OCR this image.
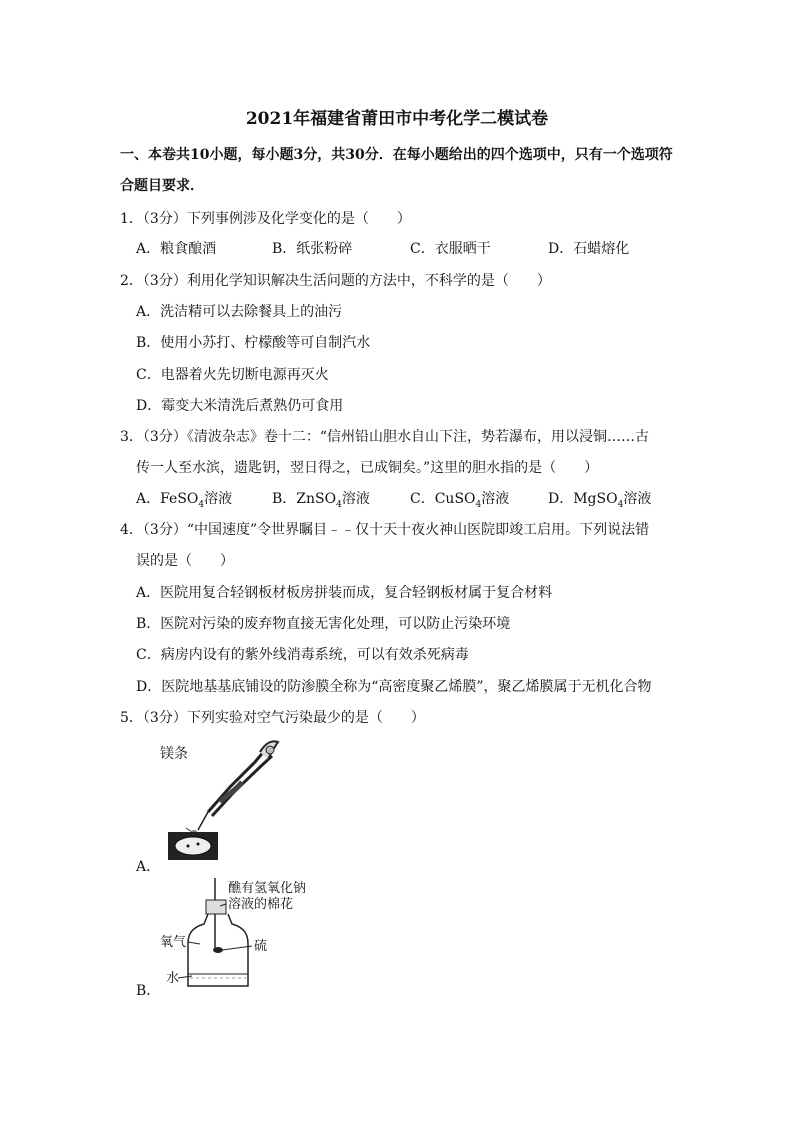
2021年福建省莆田市中考化学二模试卷
一、本卷共10小题，每小题3分，共30分．在每小题给出的四个选项中，只有一个选项符合题目要求．
1．（3分）下列事例涉及化学变化的是（　　）
A．粮食酿酒	B．纸张粉碎	C．衣服晒干	D．石蜡熔化
2．（3分）利用化学知识解决生活问题的方法中，不科学的是（　　）
A．洗洁精可以去除餐具上的油污
B．使用小苏打、柠檬酸等可自制汽水
C．电器着火先切断电源再灭火
D．霉变大米清洗后煮熟仍可食用
3．（3分）《清波杂志》卷十二：“信州铅山胆水自山下注，势若瀑布，用以浸铜……古
传一人至水滨，遗匙钥，翌日得之，已成铜矣。”这里的胆水指的是（　　）
A．FeSO$_4$溶液	B．ZnSO$_4$溶液	C．CuSO$_4$溶液	D．MgSO$_4$溶液
4．（3分）“中国速度”令世界瞩目﹣﹣仅十天十夜火神山医院即竣工启用。下列说法错
误的是（　　）
A．医院用复合轻钢板材板房拼装而成，复合轻钢板材属于复合材料
B．医院对污染的废弃物直接无害化处理，可以防止污染环境
C．病房内设有的紫外线消毒系统，可以有效杀死病毒
D．医院地基基底铺设的防渗膜全称为“高密度聚乙烯膜”，聚乙烯膜属于无机化合物
5．（3分）下列实验对空气污染最少的是（　　）
镁条
A．
醮有氢氧化钠
溶液的棉花
氧气	硫
水
B．
